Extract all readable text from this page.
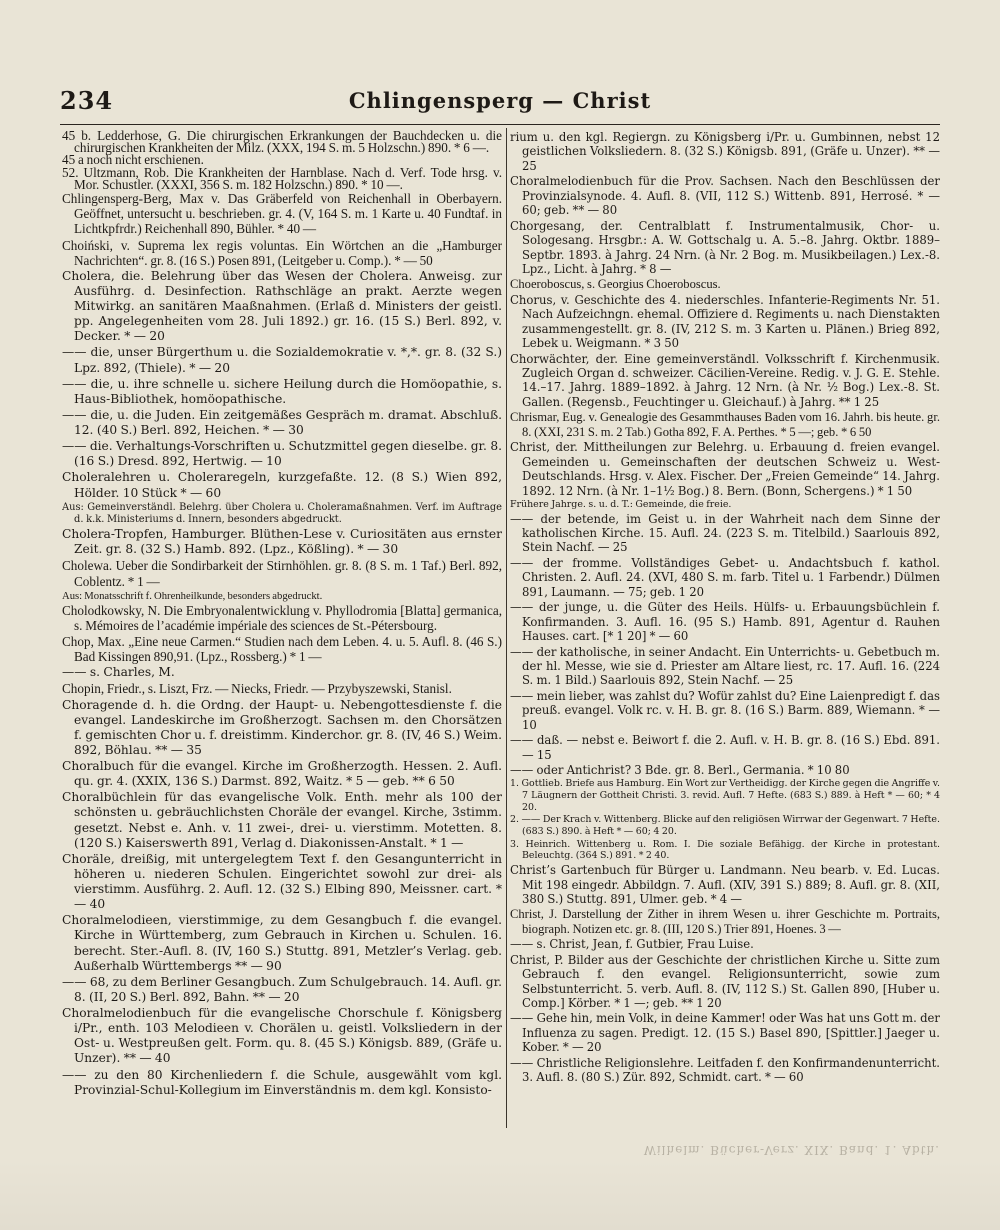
234	Chlingensperg — Christ

45 b. Ledderhose, G. Die chirurgischen Erkrankungen der Bauchdecken u. die chirurgischen Krankheiten der Milz. (XXX, 194 S. m. 5 Holzschn.) 890. * 6 —.

45 a noch nicht erschienen.

52. Ultzmann, Rob. Die Krankheiten der Harnblase. Nach d. Verf. Tode hrsg. v. Mor. Schustler. (XXXI, 356 S. m. 182 Holzschn.) 890. * 10 —.

Chlingensperg-Berg, Max v. Das Gräberfeld von Reichenhall in Oberbayern. Geöffnet, untersucht u. beschrieben. gr. 4. (V, 164 S. m. 1 Karte u. 40 Fundtaf. in Lichtkpfrdr.) Reichenhall 890, Bühler. * 40 —

Choiński, v. Suprema lex regis voluntas. Ein Wörtchen an die „Hamburger Nachrichten“. gr. 8. (16 S.) Posen 891, (Leitgeber u. Comp.). * — 50

Cholera, die. Belehrung über das Wesen der Cholera. Anweisg. zur Ausführg. d. Desinfection. Rathschläge an prakt. Aerzte wegen Mitwirkg. an sanitären Maaßnahmen. (Erlaß d. Ministers der geistl. pp. Angelegenheiten vom 28. Juli 1892.) gr. 16. (15 S.) Berl. 892, v. Decker. * — 20

—— die, unser Bürgerthum u. die Sozialdemokratie v. *,*. gr. 8. (32 S.) Lpz. 892, (Thiele). * — 20

—— die, u. ihre schnelle u. sichere Heilung durch die Homöopathie, s. Haus-Bibliothek, homöopathische.

—— die, u. die Juden. Ein zeitgemäßes Gespräch m. dramat. Abschluß. 12. (40 S.) Berl. 892, Heichen. * — 30

—— die. Verhaltungs-Vorschriften u. Schutzmittel gegen dieselbe. gr. 8. (16 S.) Dresd. 892, Hertwig. — 10

Choleralehren u. Choleraregeln, kurzgefaßte. 12. (8 S.) Wien 892, Hölder. 10 Stück * — 60

Aus: Gemeinverständl. Belehrg. über Cholera u. Choleramaßnahmen. Verf. im Auftrage d. k.k. Ministeriums d. Innern, besonders abgedruckt.

Cholera-Tropfen, Hamburger. Blüthen-Lese v. Curiositäten aus ernster Zeit. gr. 8. (32 S.) Hamb. 892. (Lpz., Kößling). * — 30

Cholewa. Ueber die Sondirbarkeit der Stirnhöhlen. gr. 8. (8 S. m. 1 Taf.) Berl. 892, Coblentz. * 1 —

Aus: Monatsschrift f. Ohrenheilkunde, besonders abgedruckt.

Cholodkowsky, N. Die Embryonalentwicklung v. Phyllodromia [Blatta] germanica, s. Mémoires de l’académie impériale des sciences de St.-Pétersbourg.

Chop, Max. „Eine neue Carmen.“ Studien nach dem Leben. 4. u. 5. Aufl. 8. (46 S.) Bad Kissingen 890,91. (Lpz., Rossberg.) * 1 —

—— s. Charles, M.

Chopin, Friedr., s. Liszt, Frz. — Niecks, Friedr. — Przybyszewski, Stanisl.

Choragende d. h. die Ordng. der Haupt- u. Nebengottesdienste f. die evangel. Landeskirche im Großherzogt. Sachsen m. den Chorsätzen f. gemischten Chor u. f. dreistimm. Kinderchor. gr. 8. (IV, 46 S.) Weim. 892, Böhlau. ** — 35

Choralbuch für die evangel. Kirche im Großherzogth. Hessen. 2. Aufl. qu. gr. 4. (XXIX, 136 S.) Darmst. 892, Waitz. * 5 — geb. ** 6 50

Choralbüchlein für das evangelische Volk. Enth. mehr als 100 der schönsten u. gebräuchlichsten Choräle der evangel. Kirche, 3stimm. gesetzt. Nebst e. Anh. v. 11 zwei-, drei- u. vierstimm. Motetten. 8. (120 S.) Kaiserswerth 891, Verlag d. Diakonissen-Anstalt. * 1 —

Choräle, dreißig, mit untergelegtem Text f. den Gesangunterricht in höheren u. niederen Schulen. Eingerichtet sowohl zur drei- als vierstimm. Ausführg. 2. Aufl. 12. (32 S.) Elbing 890, Meissner. cart. * — 40

Choralmelodieen, vierstimmige, zu dem Gesangbuch f. die evangel. Kirche in Württemberg, zum Gebrauch in Kirchen u. Schulen. 16. berecht. Ster.-Aufl. 8. (IV, 160 S.) Stuttg. 891, Metzler’s Verlag. geb. Außerhalb Württembergs ** — 90

—— 68, zu dem Berliner Gesangbuch. Zum Schulgebrauch. 14. Aufl. gr. 8. (II, 20 S.) Berl. 892, Bahn. ** — 20

Choralmelodienbuch für die evangelische Chorschule f. Königsberg i/Pr., enth. 103 Melodieen v. Chorälen u. geistl. Volksliedern in der Ost- u. Westpreußen gelt. Form. qu. 8. (45 S.) Königsb. 889, (Gräfe u. Unzer). ** — 40

—— zu den 80 Kirchenliedern f. die Schule, ausgewählt vom kgl. Provinzial-Schul-Kollegium im Einverständnis m. dem kgl. Konsisto-

rium u. den kgl. Regiergn. zu Königsberg i/Pr. u. Gumbinnen, nebst 12 geistlichen Volksliedern. 8. (32 S.) Königsb. 891, (Gräfe u. Unzer). ** — 25

Choralmelodienbuch für die Prov. Sachsen. Nach den Beschlüssen der Provinzialsynode. 4. Aufl. 8. (VII, 112 S.) Wittenb. 891, Herrosé. * — 60; geb. ** — 80

Chorgesang, der. Centralblatt f. Instrumentalmusik, Chor- u. Sologesang. Hrsgbr.: A. W. Gottschalg u. A. 5.–8. Jahrg. Oktbr. 1889–Septbr. 1893. à Jahrg. 24 Nrn. (à Nr. 2 Bog. m. Musikbeilagen.) Lex.-8. Lpz., Licht. à Jahrg. * 8 —

Choeroboscus, s. Georgius Choeroboscus.

Chorus, v. Geschichte des 4. niederschles. Infanterie-Regiments Nr. 51. Nach Aufzeichngn. ehemal. Offiziere d. Regiments u. nach Dienstakten zusammengestellt. gr. 8. (IV, 212 S. m. 3 Karten u. Plänen.) Brieg 892, Lebek u. Weigmann. * 3 50

Chorwächter, der. Eine gemeinverständl. Volksschrift f. Kirchenmusik. Zugleich Organ d. schweizer. Cäcilien-Vereine. Redig. v. J. G. E. Stehle. 14.–17. Jahrg. 1889–1892. à Jahrg. 12 Nrn. (à Nr. ½ Bog.) Lex.-8. St. Gallen. (Regensb., Feuchtinger u. Gleichauf.) à Jahrg. ** 1 25

Chrismar, Eug. v. Genealogie des Gesammthauses Baden vom 16. Jahrh. bis heute. gr. 8. (XXI, 231 S. m. 2 Tab.) Gotha 892, F. A. Perthes. * 5 —; geb. * 6 50

Christ, der. Mittheilungen zur Belehrg. u. Erbauung d. freien evangel. Gemeinden u. Gemeinschaften der deutschen Schweiz u. West-Deutschlands. Hrsg. v. Alex. Fischer. Der „Freien Gemeinde“ 14. Jahrg. 1892. 12 Nrn. (à Nr. 1–1½ Bog.) 8. Bern. (Bonn, Schergens.) * 1 50

Frühere Jahrge. s. u. d. T.: Gemeinde, die freie.

—— der betende, im Geist u. in der Wahrheit nach dem Sinne der katholischen Kirche. 15. Aufl. 24. (223 S. m. Titelbild.) Saarlouis 892, Stein Nachf. — 25

—— der fromme. Vollständiges Gebet- u. Andachtsbuch f. kathol. Christen. 2. Aufl. 24. (XVI, 480 S. m. farb. Titel u. 1 Farbendr.) Dülmen 891, Laumann. — 75; geb. 1 20

—— der junge, u. die Güter des Heils. Hülfs- u. Erbauungsbüchlein f. Konfirmanden. 3. Aufl. 16. (95 S.) Hamb. 891, Agentur d. Rauhen Hauses. cart. [* 1 20] * — 60

—— der katholische, in seiner Andacht. Ein Unterrichts- u. Gebetbuch m. der hl. Messe, wie sie d. Priester am Altare liest, rc. 17. Aufl. 16. (224 S. m. 1 Bild.) Saarlouis 892, Stein Nachf. — 25

—— mein lieber, was zahlst du? Wofür zahlst du? Eine Laienpredigt f. das preuß. evangel. Volk rc. v. H. B. gr. 8. (16 S.) Barm. 889, Wiemann. * — 10

—— daß. — nebst e. Beiwort f. die 2. Aufl. v. H. B. gr. 8. (16 S.) Ebd. 891. — 15

—— oder Antichrist? 3 Bde. gr. 8. Berl., Germania. * 10 80

1. Gottlieb. Briefe aus Hamburg. Ein Wort zur Vertheidigg. der Kirche gegen die Angriffe v. 7 Läugnern der Gottheit Christi. 3. revid. Aufl. 7 Hefte. (683 S.) 889. à Heft * — 60; * 4 20.

2. —— Der Krach v. Wittenberg. Blicke auf den religiösen Wirrwar der Gegenwart. 7 Hefte. (683 S.) 890. à Heft * — 60; 4 20.

3. Heinrich. Wittenberg u. Rom. I. Die soziale Befähigg. der Kirche in protestant. Beleuchtg. (364 S.) 891. * 2 40.

Christ’s Gartenbuch für Bürger u. Landmann. Neu bearb. v. Ed. Lucas. Mit 198 eingedr. Abbildgn. 7. Aufl. (XIV, 391 S.) 889; 8. Aufl. gr. 8. (XII, 380 S.) Stuttg. 891, Ulmer. geb. * 4 —

Christ, J. Darstellung der Zither in ihrem Wesen u. ihrer Geschichte m. Portraits, biograph. Notizen etc. gr. 8. (III, 120 S.) Trier 891, Hoenes. 3 —

—— s. Christ, Jean, f. Gutbier, Frau Luise.

Christ, P. Bilder aus der Geschichte der christlichen Kirche u. Sitte zum Gebrauch f. den evangel. Religionsunterricht, sowie zum Selbstunterricht. 5. verb. Aufl. 8. (IV, 112 S.) St. Gallen 890, [Huber u. Comp.] Körber. * 1 —; geb. ** 1 20

—— Gehe hin, mein Volk, in deine Kammer! oder Was hat uns Gott m. der Influenza zu sagen. Predigt. 12. (15 S.) Basel 890, [Spittler.] Jaeger u. Kober. * — 20

—— Christliche Religionslehre. Leitfaden f. den Konfirmandenunterricht. 3. Aufl. 8. (80 S.) Zür. 892, Schmidt. cart. * — 60

Wilhelm. Bücher-Verz. XIX. Band. 1. Abth.
